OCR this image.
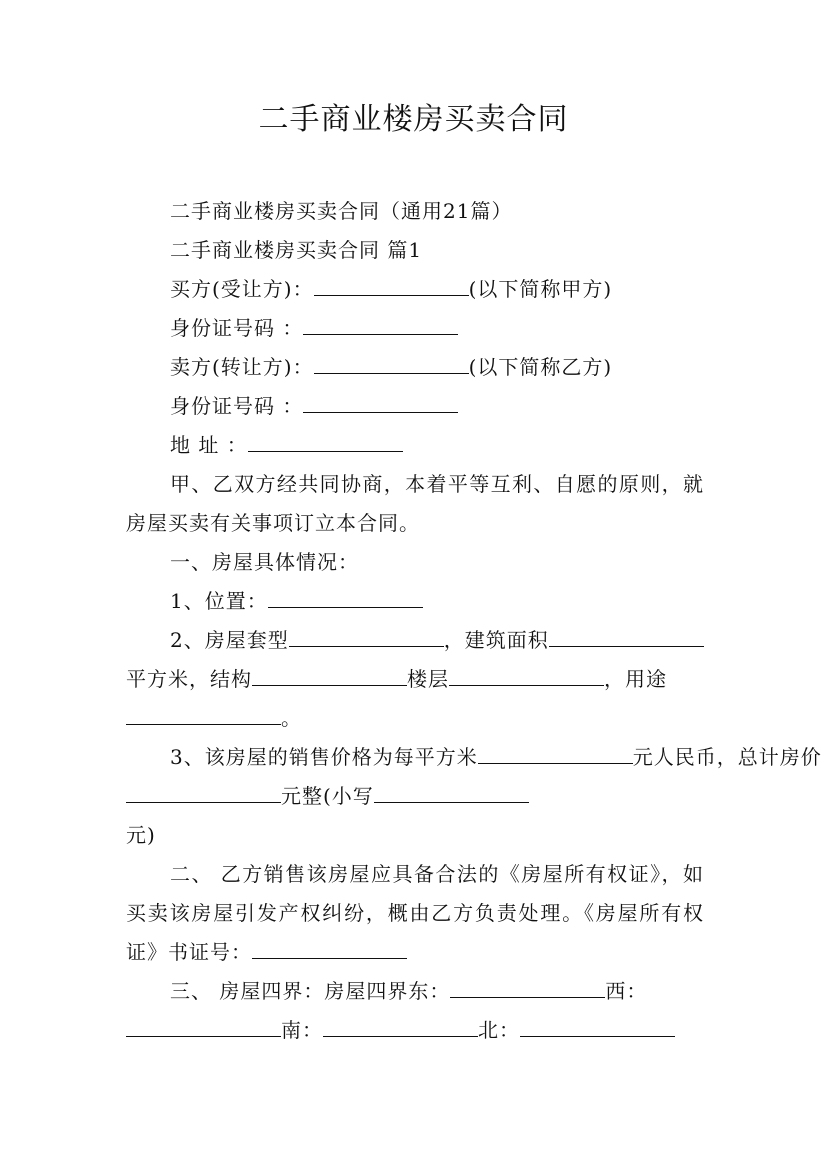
二手商业楼房买卖合同

二手商业楼房买卖合同（通用21篇）

二手商业楼房买卖合同 篇1

买方(受让方)：	(以下简称甲方)

身份证号码 ：

卖方(转让方)：	(以下简称乙方)

身份证号码 ：

地 址 ：

甲、乙双方经共同协商，本着平等互利、自愿的原则，就房屋买卖有关事项订立本合同。

一、房屋具体情况：

1、位置：

2、房屋套型	，建筑面积

平方米，结构	楼层	，用途

。

3、该房屋的销售价格为每平方米	元人民币，总计房价

元整(小写

元)

二、 乙方销售该房屋应具备合法的《房屋所有权证》，如买卖该房屋引发产权纠纷，概由乙方负责处理。《房屋所有权证》书证号：

三、 房屋四界：房屋四界东：	西：

南：	北：
